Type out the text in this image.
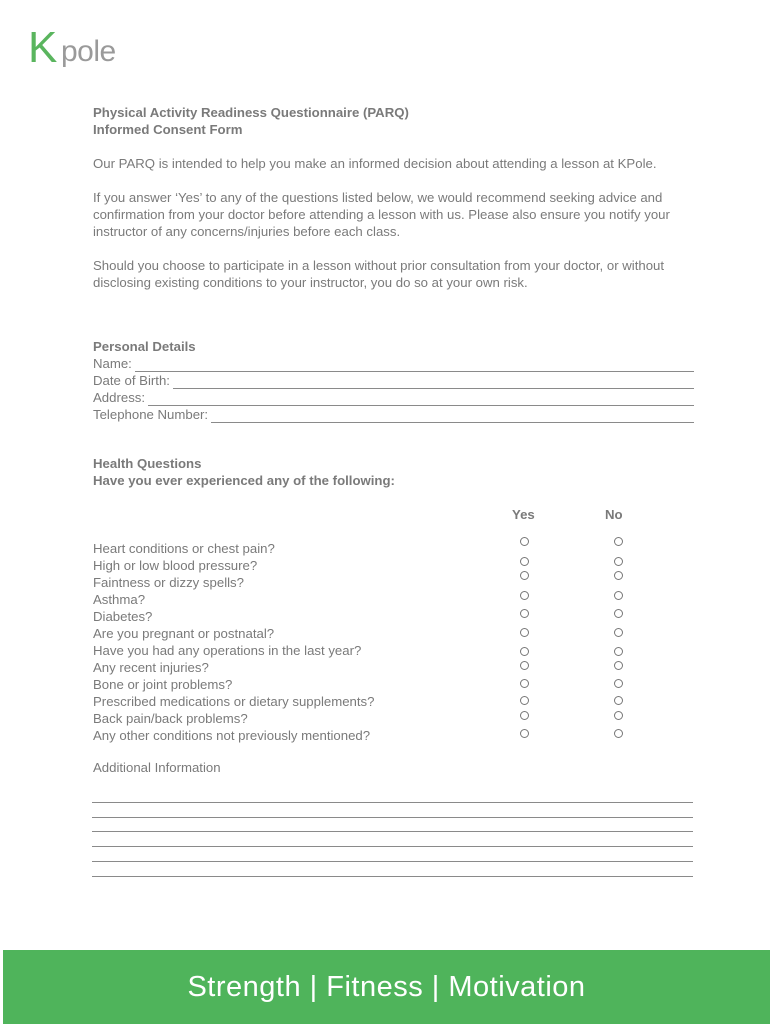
K pole

Physical Activity Readiness Questionnaire (PARQ)

Informed Consent Form

Our PARQ is intended to help you make an informed decision about attending a lesson at KPole.

If you answer ‘Yes’ to any of the questions listed below, we would recommend seeking advice and confirmation from your doctor before attending a lesson with us. Please also ensure you notify your instructor of any concerns/injuries before each class.

Should you choose to participate in a lesson without prior consultation from your doctor, or without disclosing existing conditions to your instructor, you do so at your own risk.

Personal Details

Name:
Date of Birth:
Address:
Telephone Number:

Health Questions

Have you ever experienced any of the following:

Yes	No
Heart conditions or chest pain?
High or low blood pressure?
Faintness or dizzy spells?
Asthma?
Diabetes?
Are you pregnant or postnatal?
Have you had any operations in the last year?
Any recent injuries?
Bone or joint problems?
Prescribed medications or dietary supplements?
Back pain/back problems?
Any other conditions not previously mentioned?
Additional Information
Strength | Fitness | Motivation
